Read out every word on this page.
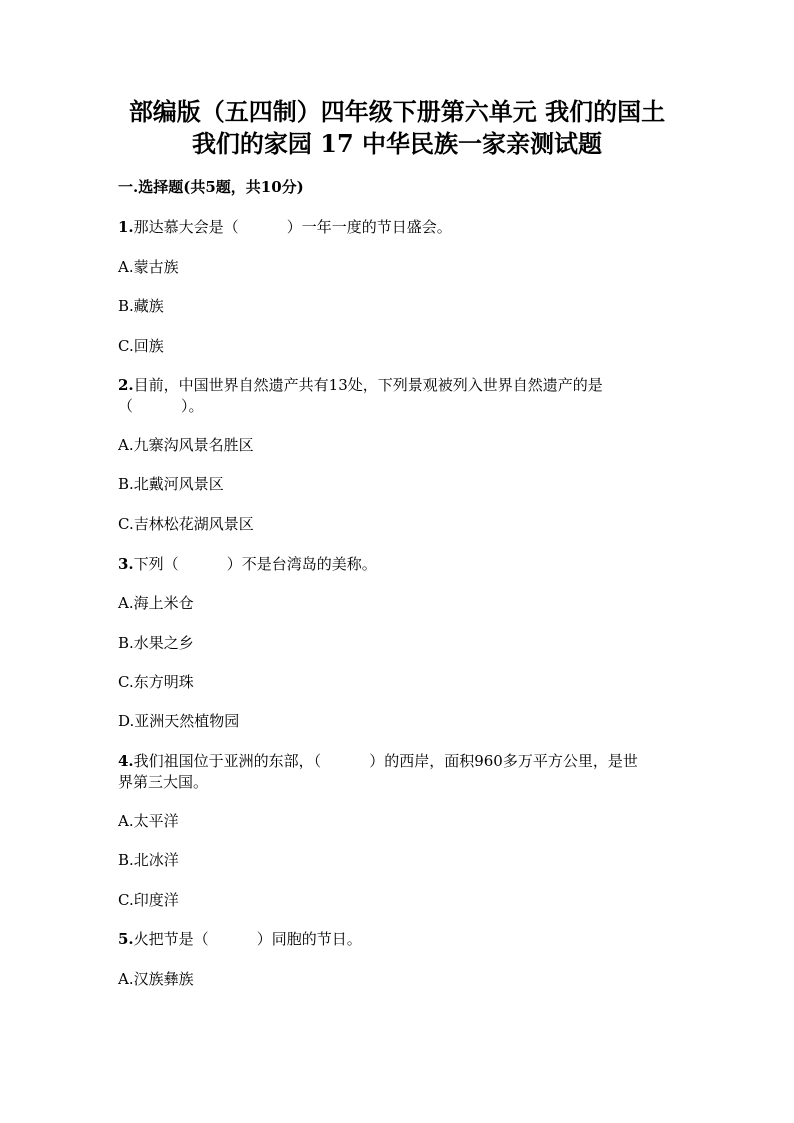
部编版（五四制）四年级下册第六单元 我们的国土
我们的家园 17 中华民族一家亲测试题
一.选择题(共5题，共10分)
1.那达慕大会是（	）一年一度的节日盛会。
A.蒙古族
B.藏族
C.回族
2.目前，中国世界自然遗产共有13处，下列景观被列入世界自然遗产的是
（	）。
A.九寨沟风景名胜区
B.北戴河风景区
C.吉林松花湖风景区
3.下列（	）不是台湾岛的美称。
A.海上米仓
B.水果之乡
C.东方明珠
D.亚洲天然植物园
4.我们祖国位于亚洲的东部，（	）的西岸，面积960多万平方公里，是世
界第三大国。
A.太平洋
B.北冰洋
C.印度洋
5.火把节是（	）同胞的节日。
A.汉族彝族
